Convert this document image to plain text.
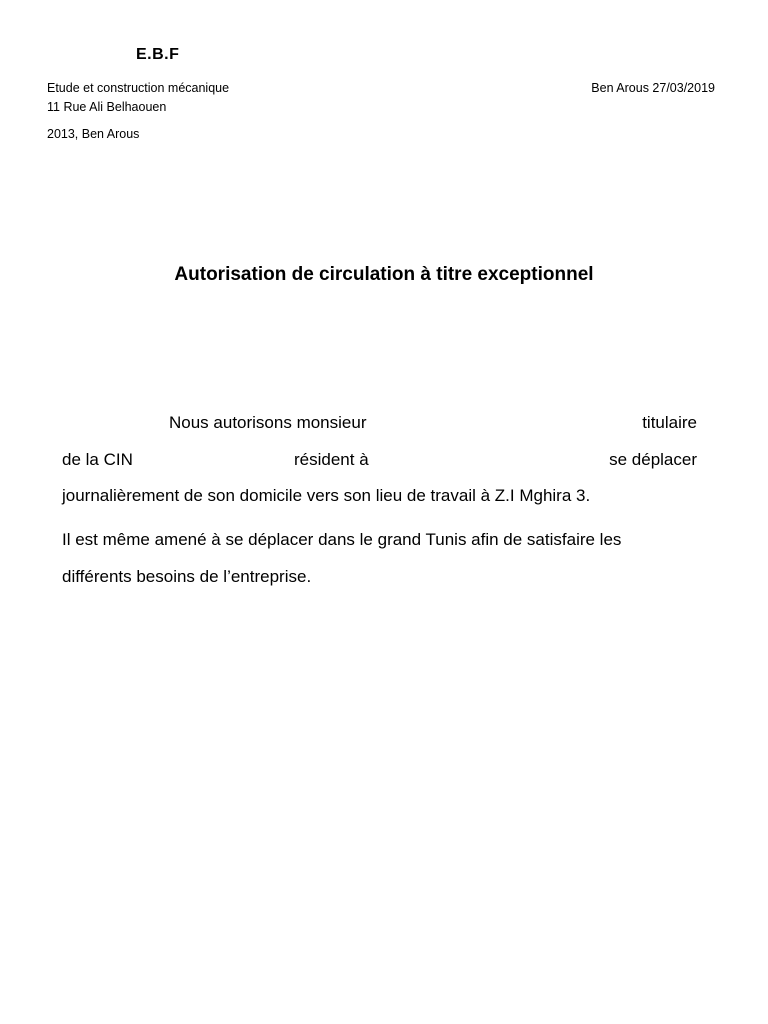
E.B.F
Etude et construction mécanique
11 Rue Ali Belhaouen
2013, Ben Arous
Ben Arous 27/03/2019
Autorisation de circulation à titre exceptionnel
Nous autorisons monsieur	titulaire
de la CIN	résident à	se déplacer
journalièrement de son domicile vers son lieu de travail à Z.I Mghira 3.
Il est même amené à se déplacer dans le grand Tunis afin de satisfaire les
différents besoins de l’entreprise.
